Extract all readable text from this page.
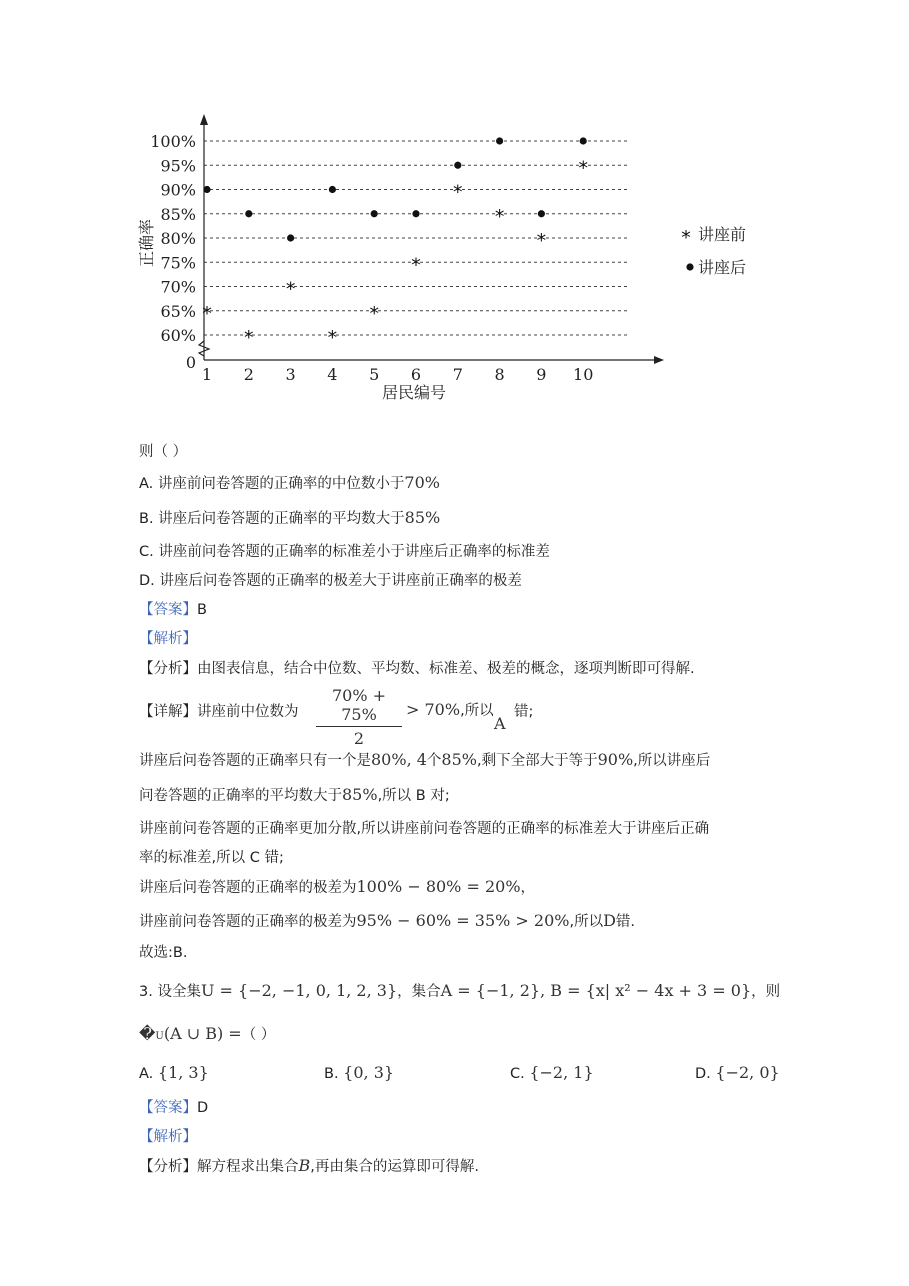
0
60%
65%
70%
75%
80%
85%
90%
95%
100%
1 2 3 4 5 6 7 8 9 10
*
*
*
*
*
*
*
*
*
*
居民编号
正确率	* 讲座前
讲座后
则（ ）
A. 讲座前问卷答题的正确率的中位数小于70%
B. 讲座后问卷答题的正确率的平均数大于85%
C. 讲座前问卷答题的正确率的标准差小于讲座后正确率的标准差
D. 讲座后问卷答题的正确率的极差大于讲座前正确率的极差
【答案】B
【解析】
【分析】由图表信息，结合中位数、平均数、标准差、极差的概念，逐项判断即可得解.
【详解】讲座前中位数为 $\frac{70\% + 75\%}{2} > 70\%$,所以
A
错;
讲座后问卷答题的正确率只有一个是80%, 4个85%,剩下全部大于等于90%,所以讲座后
问卷答题的正确率的平均数大于85%,所以 B 对;
讲座前问卷答题的正确率更加分散,所以讲座前问卷答题的正确率的标准差大于讲座后正确
率的标准差,所以 C 错;
讲座后问卷答题的正确率的极差为100% − 80% = 20%，
讲座前问卷答题的正确率的极差为95% − 60% = 35% > 20%,所以D错.
故选:B.
3. 设全集U = {−2, −1, 0, 1, 2, 3}，集合A = {−1, 2}, B = {x| x² − 4x + 3 = 0}，则
�U(A ∪ B) =（ ）
A. {1, 3}	B. {0, 3}	C. {−2, 1}	D. {−2, 0}
【答案】D
【解析】
【分析】解方程求出集合B,再由集合的运算即可得解.
